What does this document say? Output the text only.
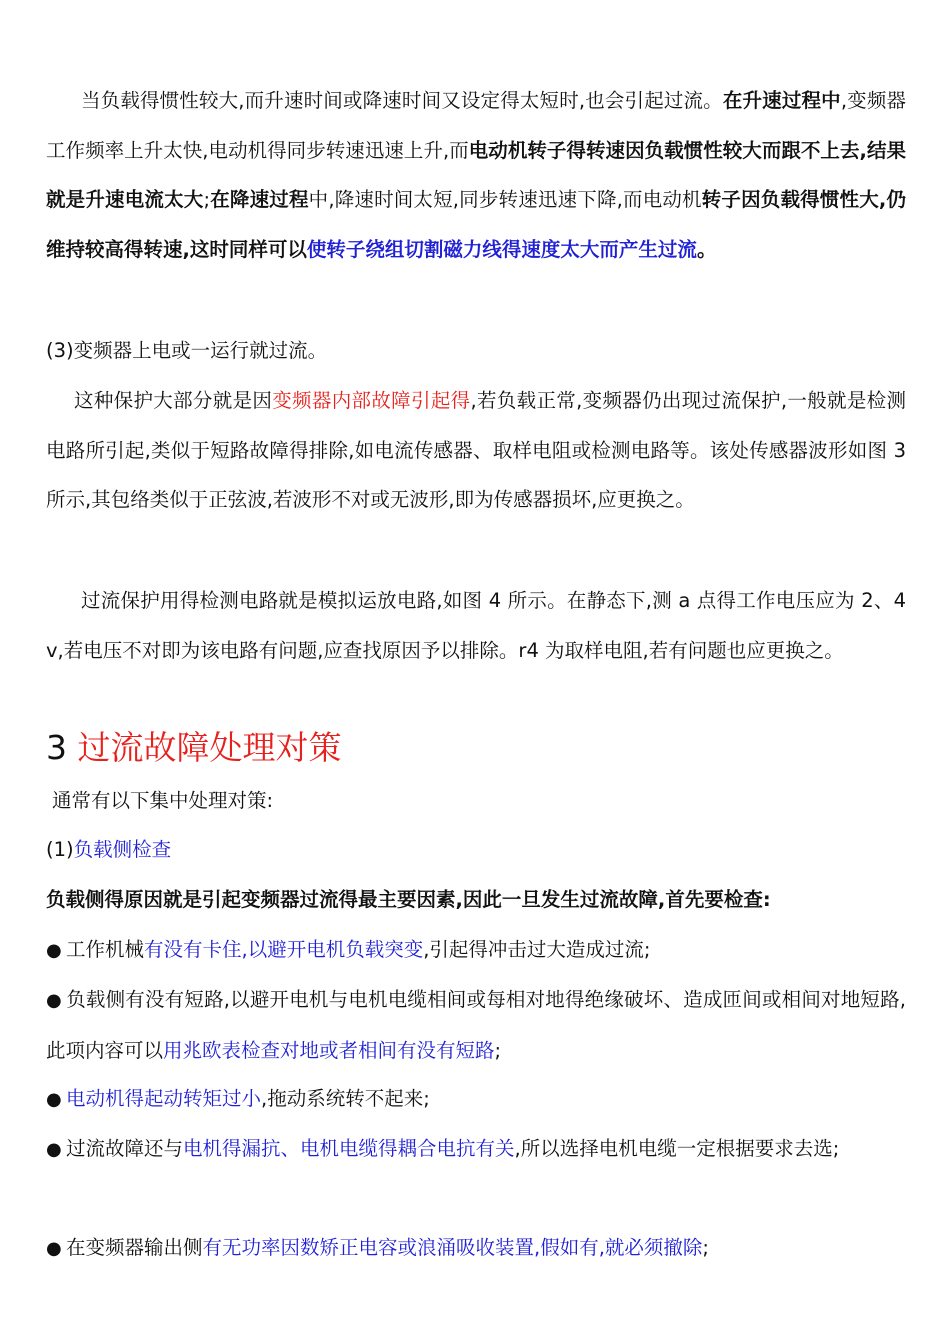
当负载得惯性较大,而升速时间或降速时间又设定得太短时,也会引起过流。在升速过程中,变频器工作频率上升太快,电动机得同步转速迅速上升,而电动机转子得转速因负载惯性较大而跟不上去,结果就是升速电流太大;在降速过程中,降速时间太短,同步转速迅速下降,而电动机转子因负载得惯性大,仍维持较高得转速,这时同样可以使转子绕组切割磁力线得速度太大而产生过流。

(3)变频器上电或一运行就过流。

这种保护大部分就是因变频器内部故障引起得,若负载正常,变频器仍出现过流保护,一般就是检测电路所引起,类似于短路故障得排除,如电流传感器、取样电阻或检测电路等。该处传感器波形如图 3 所示,其包络类似于正弦波,若波形不对或无波形,即为传感器损坏,应更换之。

过流保护用得检测电路就是模拟运放电路,如图 4 所示。在静态下,测 a 点得工作电压应为 2、4v,若电压不对即为该电路有问题,应查找原因予以排除。r4 为取样电阻,若有问题也应更换之。

3 过流故障处理对策

通常有以下集中处理对策:

(1)负载侧检查

负载侧得原因就是引起变频器过流得最主要因素,因此一旦发生过流故障,首先要检查:

● 工作机械有没有卡住,以避开电机负载突变,引起得冲击过大造成过流;

● 负载侧有没有短路,以避开电机与电机电缆相间或每相对地得绝缘破坏、造成匝间或相间对地短路,此项内容可以用兆欧表检查对地或者相间有没有短路;

● 电动机得起动转矩过小,拖动系统转不起来;

● 过流故障还与电机得漏抗、电机电缆得耦合电抗有关,所以选择电机电缆一定根据要求去选;

● 在变频器输出侧有无功率因数矫正电容或浪涌吸收装置,假如有,就必须撤除;
